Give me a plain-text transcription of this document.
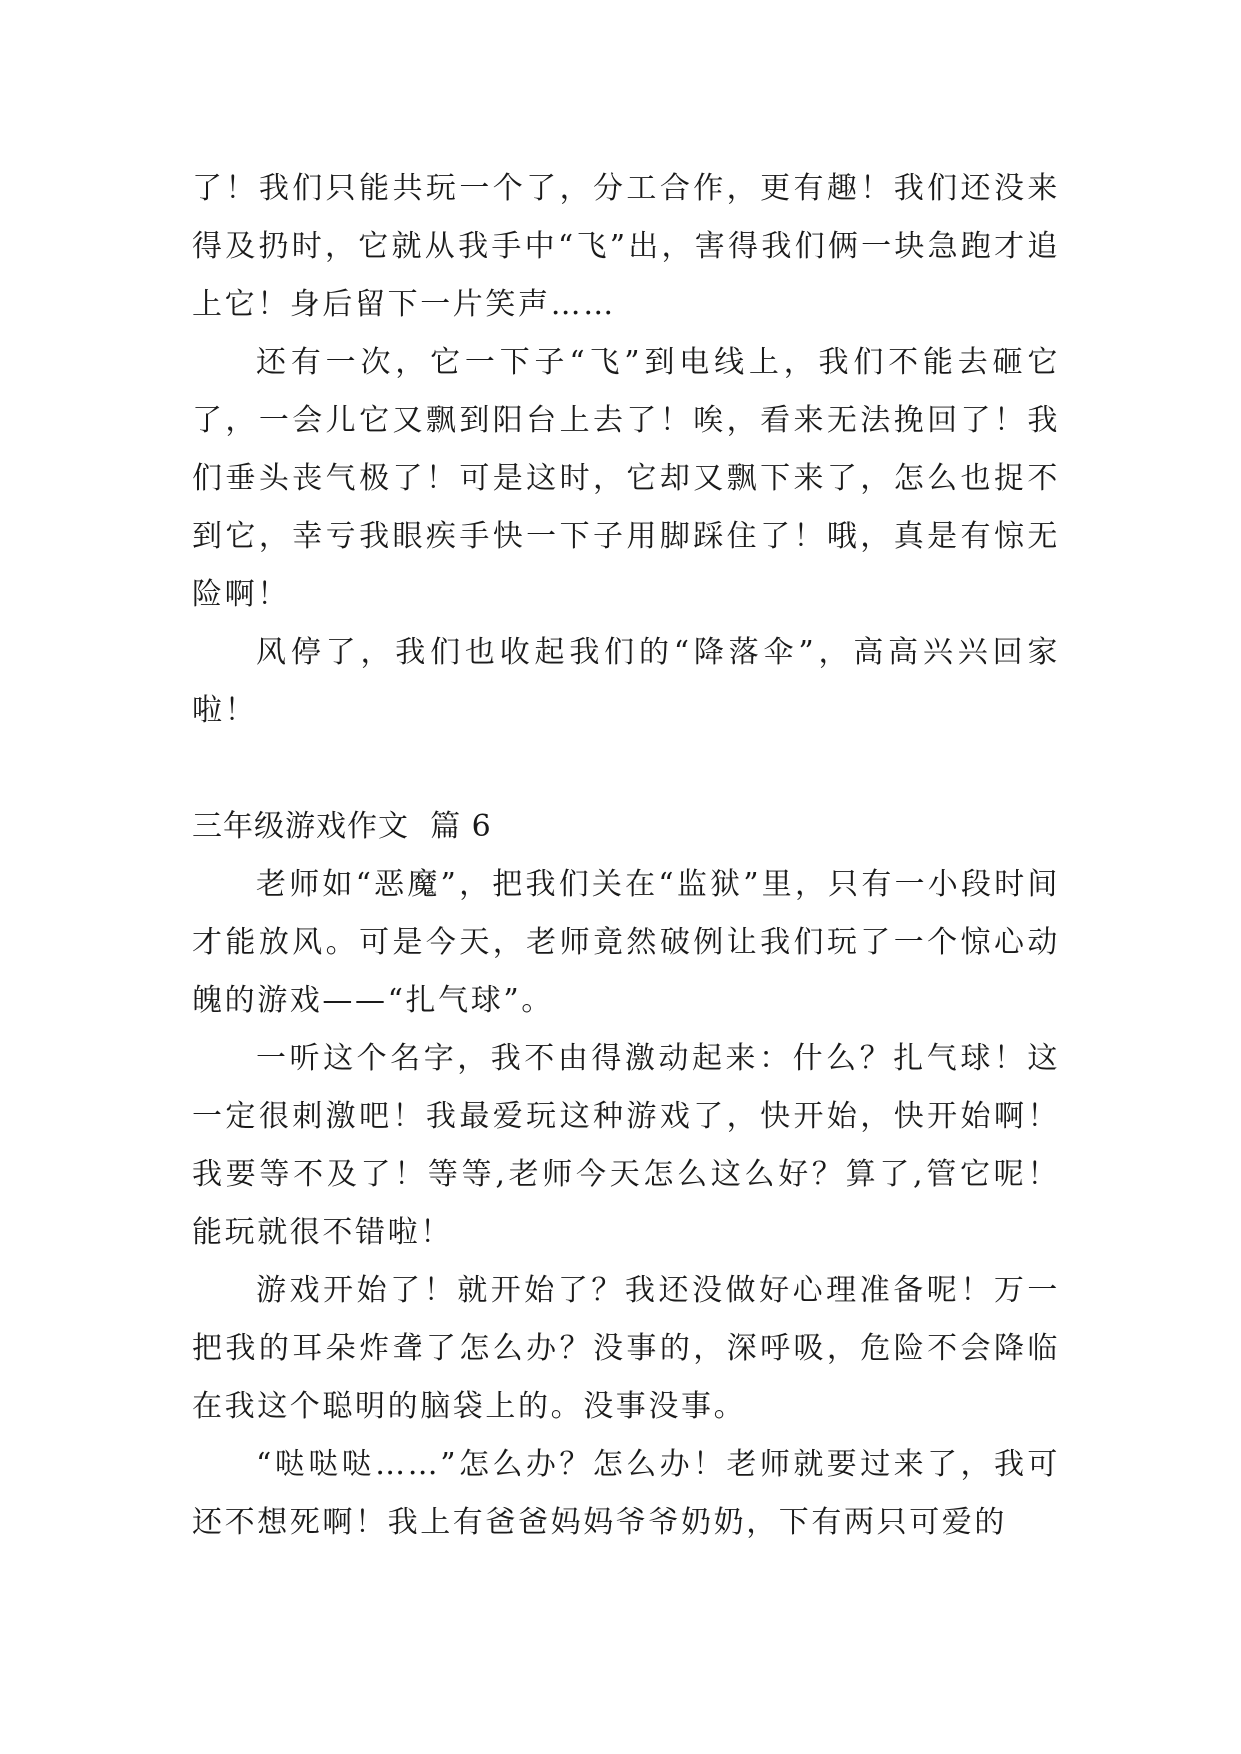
了！我们只能共玩一个了，分工合作，更有趣！我们还没来得及扔时，它就从我手中“飞”出，害得我们俩一块急跑才追上它！身后留下一片笑声……

还有一次，它一下子“飞”到电线上，我们不能去砸它了，一会儿它又飘到阳台上去了！唉，看来无法挽回了！我们垂头丧气极了！可是这时，它却又飘下来了，怎么也捉不到它，幸亏我眼疾手快一下子用脚踩住了！哦，真是有惊无险啊！

风停了，我们也收起我们的“降落伞”，高高兴兴回家啦！

三年级游戏作文  篇 6

老师如“恶魔”，把我们关在“监狱”里，只有一小段时间才能放风。可是今天，老师竟然破例让我们玩了一个惊心动魄的游戏——“扎气球”。

一听这个名字，我不由得激动起来：什么？扎气球！这一定很刺激吧！我最爱玩这种游戏了，快开始，快开始啊！我要等不及了！等等,老师今天怎么这么好？算了,管它呢！能玩就很不错啦！

游戏开始了！就开始了？我还没做好心理准备呢！万一把我的耳朵炸聋了怎么办？没事的，深呼吸，危险不会降临在我这个聪明的脑袋上的。没事没事。

“哒哒哒……”怎么办？怎么办！老师就要过来了，我可还不想死啊！我上有爸爸妈妈爷爷奶奶，下有两只可爱的
